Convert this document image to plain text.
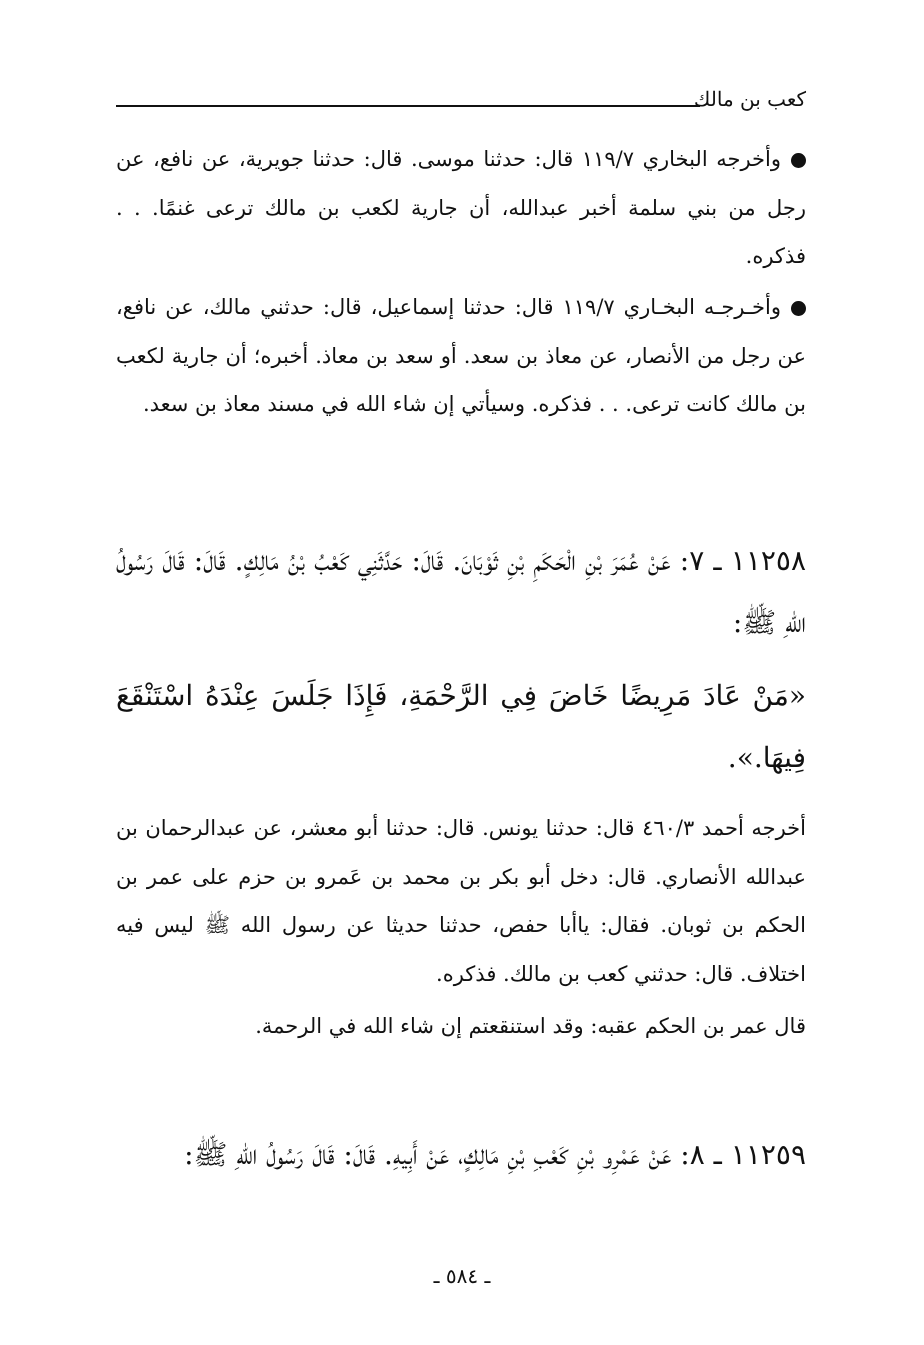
كعب بن مالك
وأخرجه البخاري ١١٩/٧ قال: حدثنا موسى. قال: حدثنا جويرية، عن نافع، عن رجل من بني سلمة أخبر عبدالله، أن جارية لكعب بن مالك ترعى غنمًا. . . فذكره.
وأخـرجـه البخـاري ١١٩/٧ قال: حدثنا إسماعيل، قال: حدثني مالك، عن نافع، عن رجل من الأنصار، عن معاذ بن سعد. أو سعد بن معاذ. أخبره؛ أن جارية لكعب بن مالك كانت ترعى. . . فذكره. وسيأتي إن شاء الله في مسند معاذ بن سعد.
١١٢٥٨ ـ ٧: عَنْ عُمَرَ بْنِ الْحَكَمِ بْنِ ثَوْبَانَ. قَالَ: حَدَّثَنِي كَعْبُ بْنُ مَالِكٍ. قَالَ: قَالَ رَسُولُ اللهِ ﷺ:
«مَنْ عَادَ مَرِيضًا خَاضَ فِي الرَّحْمَةِ، فَإِذَا جَلَسَ عِنْدَهُ اسْتَنْقَعَ فِيهَا.».
أخرجه أحمد ٤٦٠/٣ قال: حدثنا يونس. قال: حدثنا أبو معشر، عن عبدالرحمان بن عبدالله الأنصاري. قال: دخل أبو بكر بن محمد بن عَمرو بن حزم على عمر بن الحكم بن ثوبان. فقال: ياأبا حفص، حدثنا حديثا عن رسول الله ﷺ ليس فيه اختلاف. قال: حدثني كعب بن مالك. فذكره.
قال عمر بن الحكم عقبه: وقد استنقعتم إن شاء الله في الرحمة.
١١٢٥٩ ـ ٨: عَنْ عَمْرِو بْنِ كَعْبِ بْنِ مَالِكٍ، عَنْ أَبِيهِ. قَالَ: قَالَ رَسُولُ اللهِ ﷺ:
ـ ٥٨٤ ـ
